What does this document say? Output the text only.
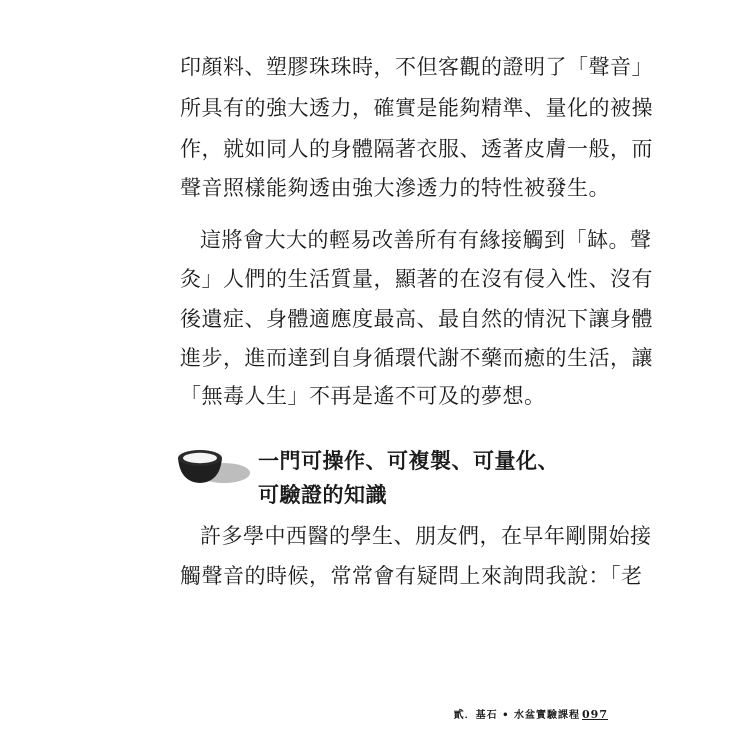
印顏料、塑膠珠珠時，不但客觀的證明了「聲音」
所具有的強大透力，確實是能夠精準、量化的被操
作，就如同人的身體隔著衣服、透著皮膚一般，而
聲音照樣能夠透由強大滲透力的特性被發生。
這將會大大的輕易改善所有有緣接觸到「缽。聲
灸」人們的生活質量，顯著的在沒有侵入性、沒有
後遺症、身體適應度最高、最自然的情況下讓身體
進步，進而達到自身循環代謝不藥而癒的生活，讓
「無毒人生」不再是遙不可及的夢想。
一門可操作、可複製、可量化、
可驗證的知識
許多學中西醫的學生、朋友們，在早年剛開始接
觸聲音的時候，常常會有疑問上來詢問我說：「老
貳．基石 • 水盆實驗課程 097
